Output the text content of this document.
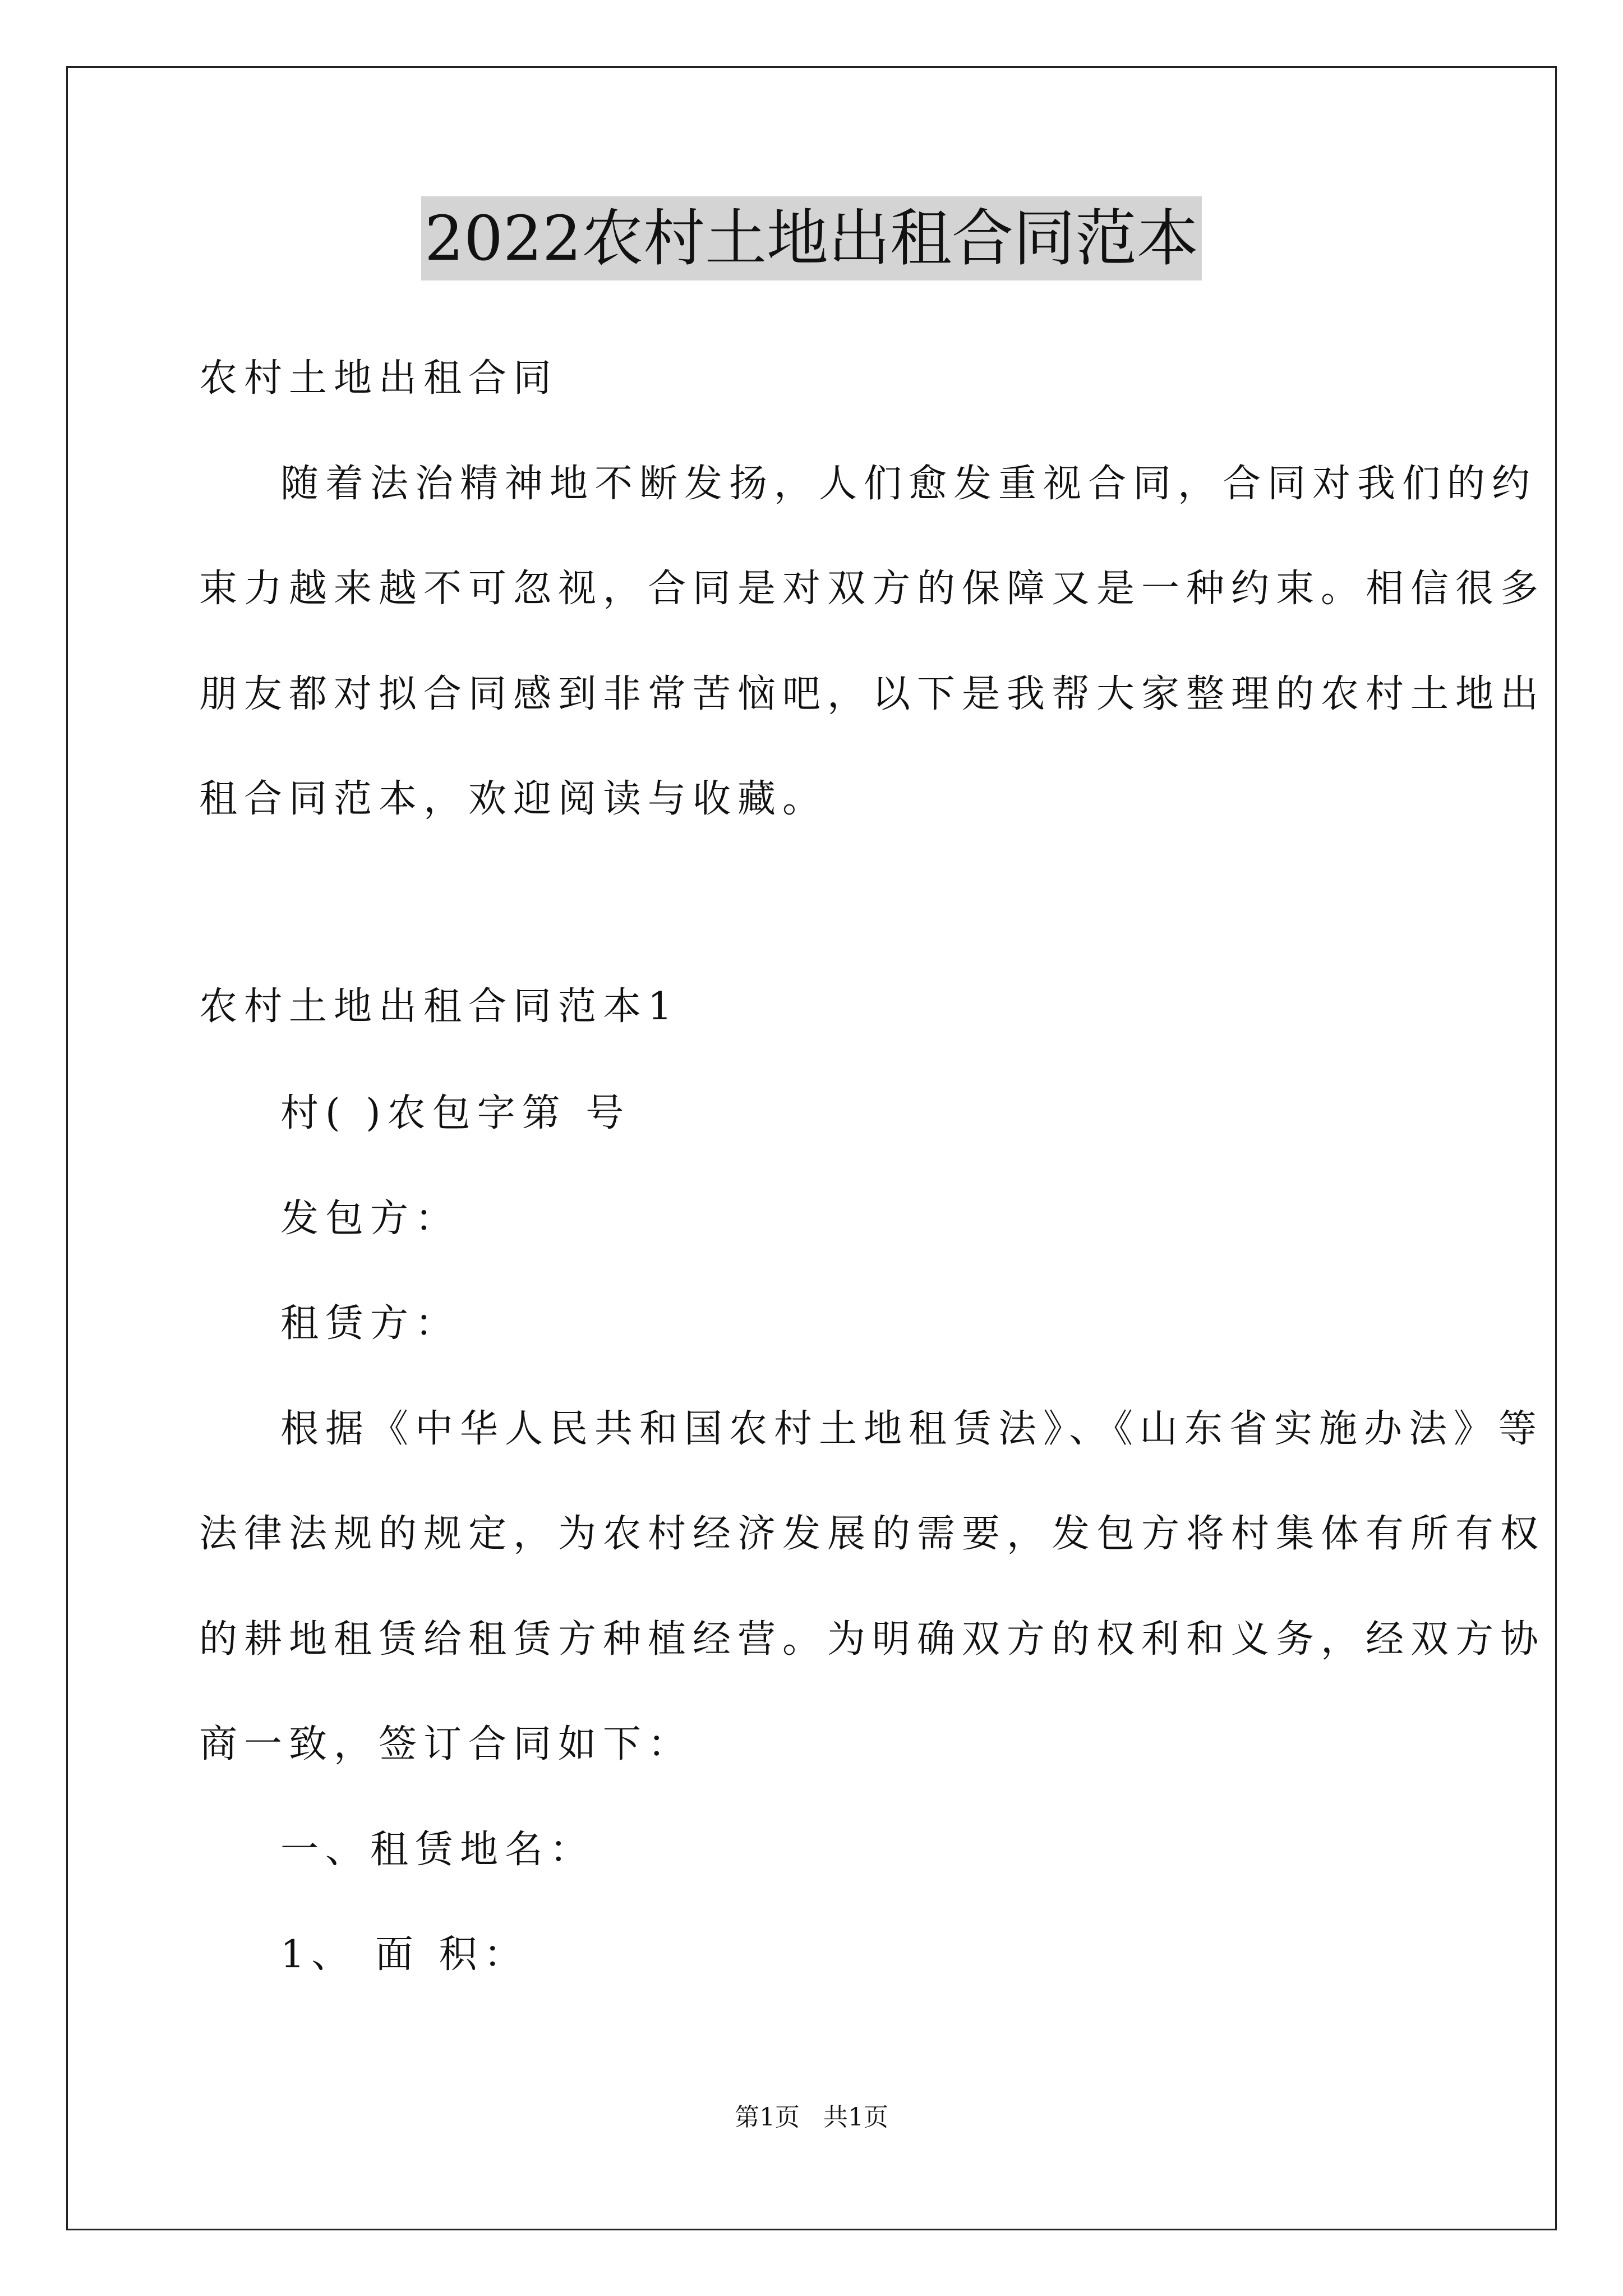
2022农村土地出租合同范本
农村土地出租合同
随着法治精神地不断发扬，人们愈发重视合同，合同对我们的约
束力越来越不可忽视，合同是对双方的保障又是一种约束。相信很多
朋友都对拟合同感到非常苦恼吧，以下是我帮大家整理的农村土地出
租合同范本，欢迎阅读与收藏。
农村土地出租合同范本1
村( )农包字第 号
发包方：
租赁方：
根据《中华人民共和国农村土地租赁法》、《山东省实施办法》等
法律法规的规定，为农村经济发展的需要，发包方将村集体有所有权
的耕地租赁给租赁方种植经营。为明确双方的权利和义务，经双方协
商一致，签订合同如下：
一、租赁地名：
1、 面 积：
第1页   共1页
